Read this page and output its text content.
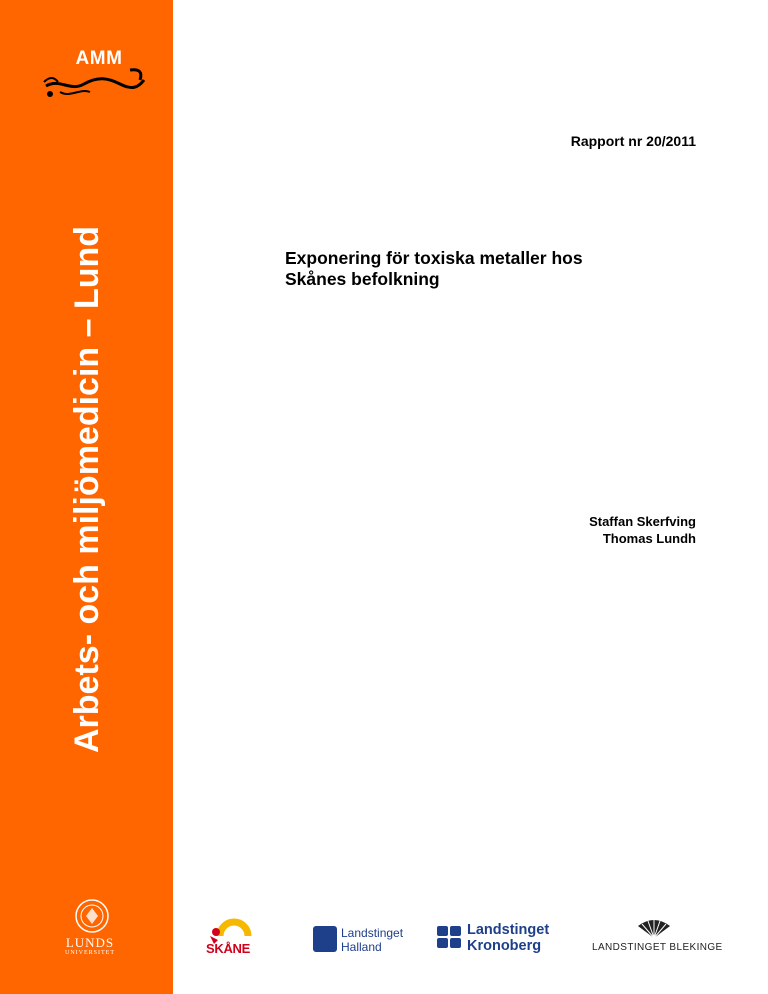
AMM
Arbets- och miljömedicin – Lund
LUNDS
UNIVERSITET
Rapport nr 20/2011
Exponering för toxiska metaller hos
Skånes befolkning
Staffan Skerfving
Thomas Lundh
SKÅNE
Landstinget
Halland
Landstinget
Kronoberg	LANDSTINGET BLEKINGE
